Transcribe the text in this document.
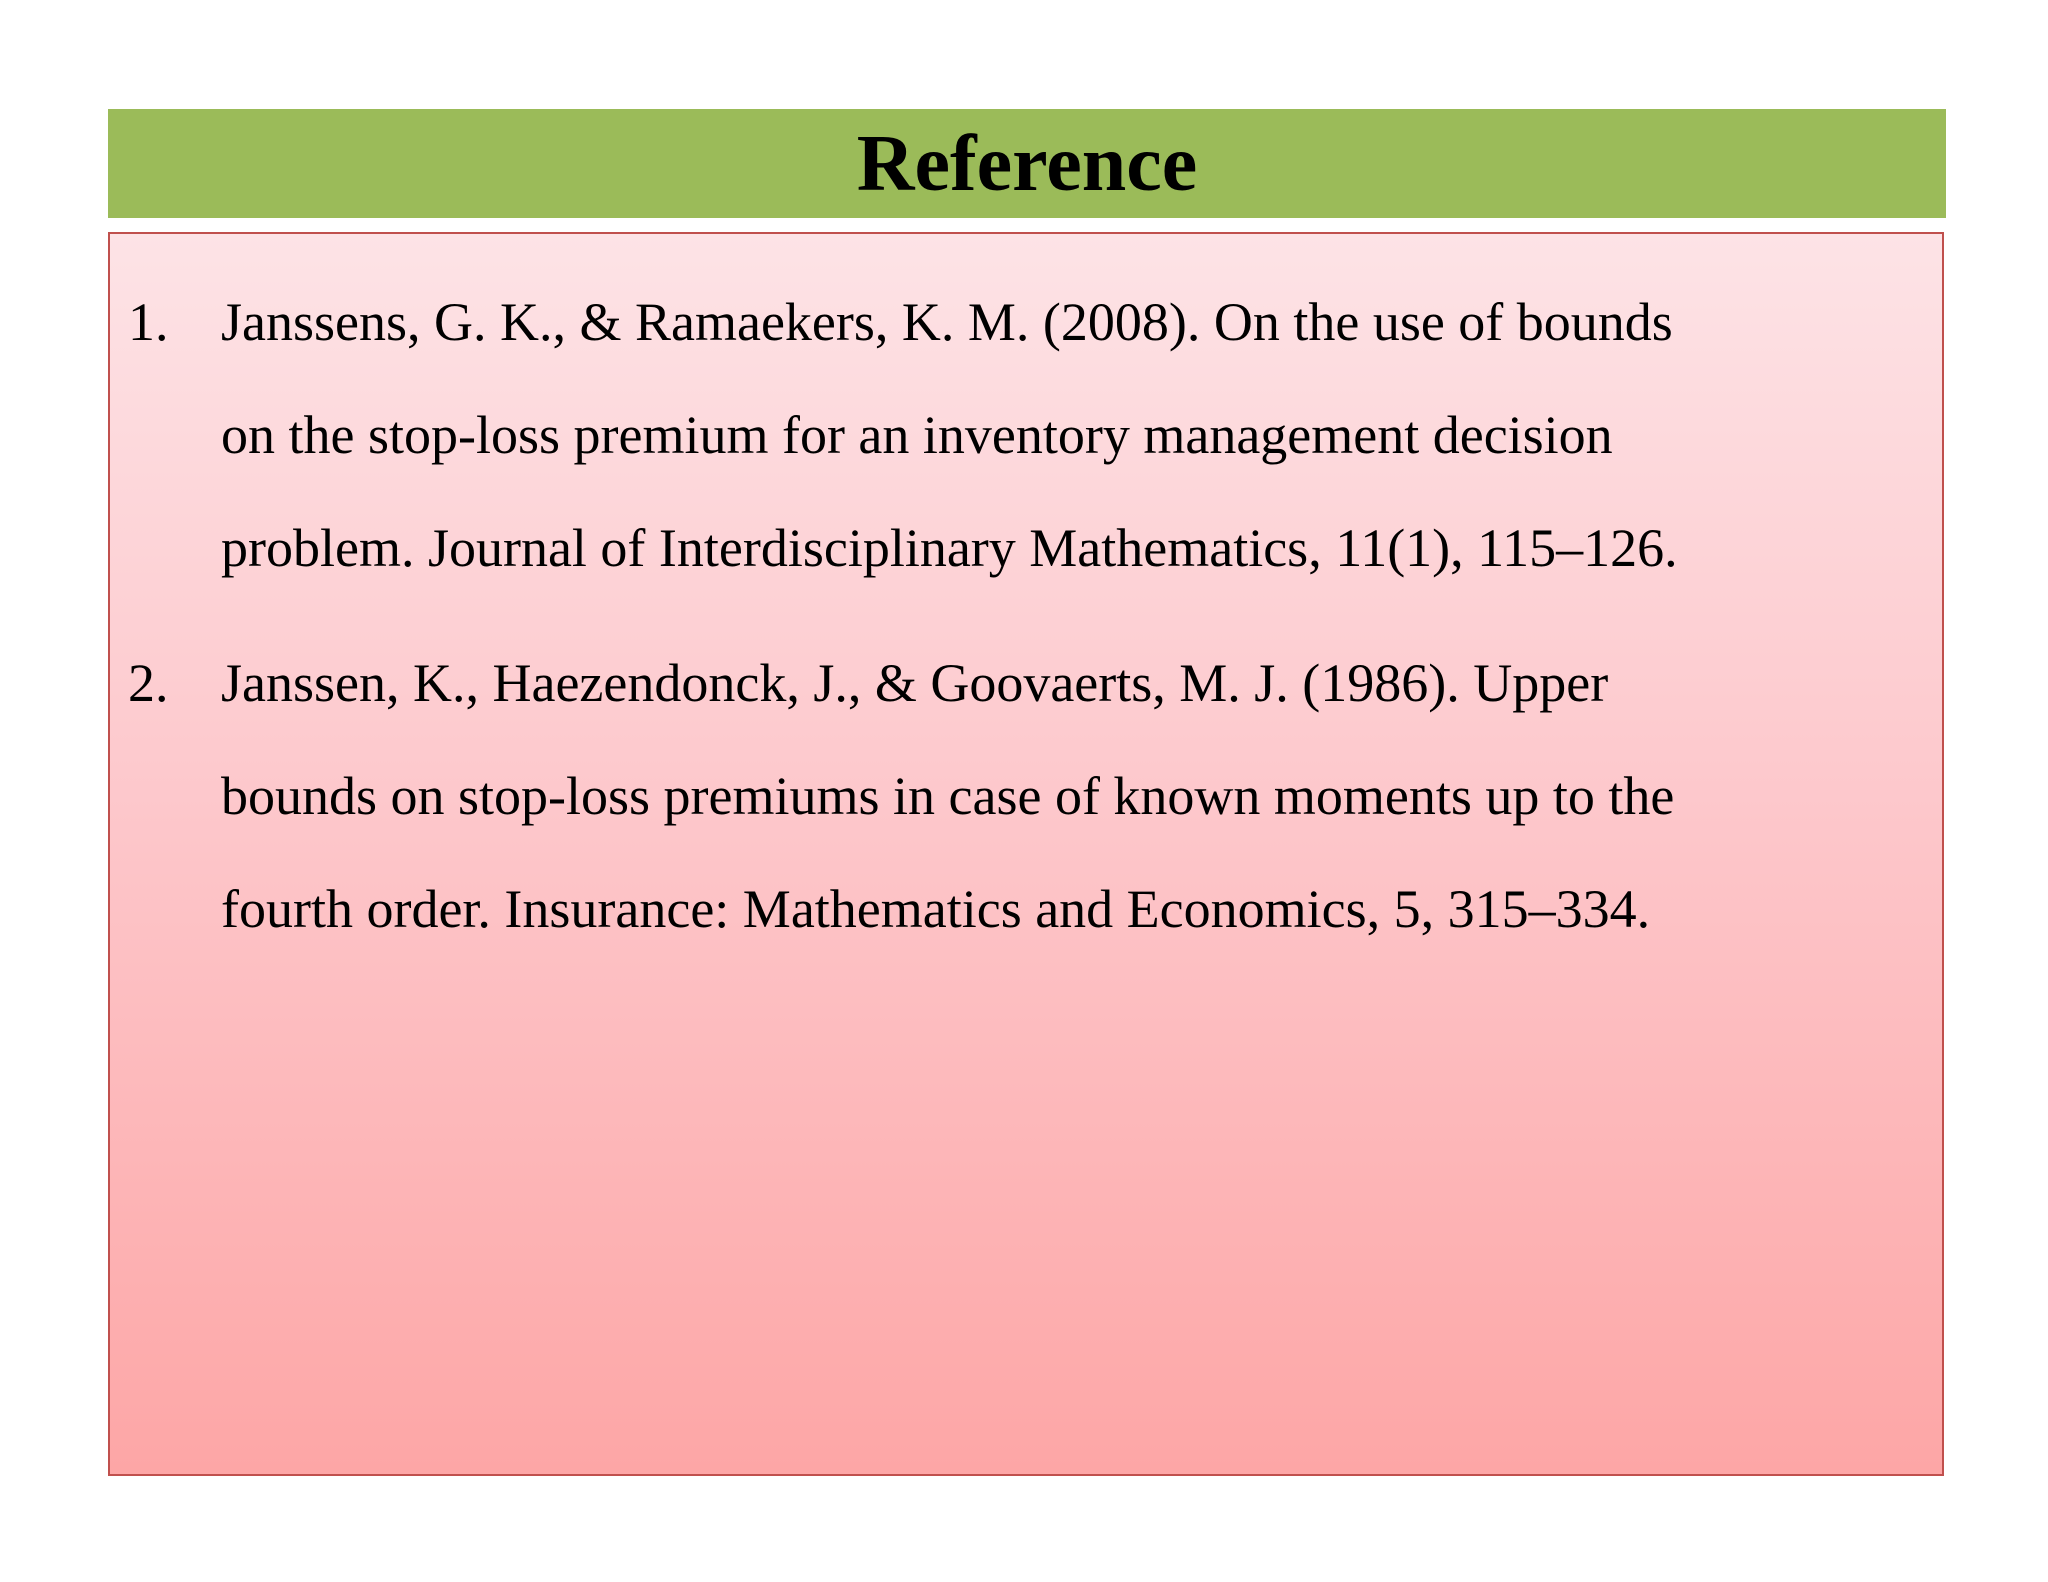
Reference
1. Janssens, G. K., & Ramaekers, K. M. (2008). On the use of bounds
on the stop-loss premium for an inventory management decision
problem. Journal of Interdisciplinary Mathematics, 11(1), 115–126.
2. Janssen, K., Haezendonck, J., & Goovaerts, M. J. (1986). Upper
bounds on stop-loss premiums in case of known moments up to the
fourth order. Insurance: Mathematics and Economics, 5, 315–334.
